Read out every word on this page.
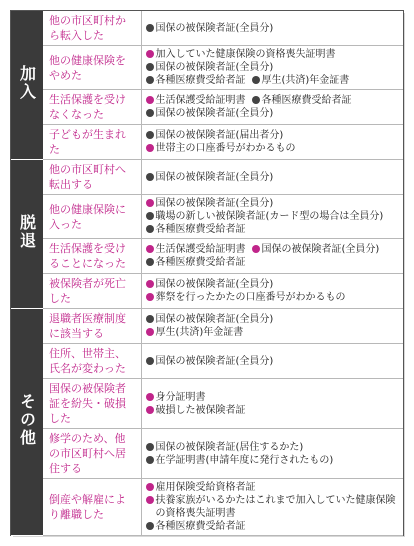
加入	他の市区町村から転入した	国保の被保険者証(全員分)

	他の健康保険をやめた	加入していた健康保険の資格喪失証明書
国保の被保険者証(全員分)
各種医療費受給者証 厚生(共済)年金証書

	生活保護を受けなくなった	生活保護受給証明書 各種医療費受給者証
国保の被保険者証(全員分)

	子どもが生まれた	国保の被保険者証(届出者分)
世帯主の口座番号がわかるもの

脱退	他の市区町村へ転出する	国保の被保険者証(全員分)

	他の健康保険に入った	国保の被保険者証(全員分)
職場の新しい被保険者証(カード型の場合は全員分)
各種医療費受給者証

	生活保護を受けることになった	生活保護受給証明書 国保の被保険者証(全員分)
各種医療費受給者証

	被保険者が死亡した	国保の被保険者証(全員分)
葬祭を行ったかたの口座番号がわかるもの

その他	退職者医療制度に該当する	国保の被保険者証(全員分)
厚生(共済)年金証書

	住所、世帯主、氏名が変わった	国保の被保険者証(全員分)

	国保の被保険者証を紛失・破損した	身分証明書
破損した被保険者証

	修学のため、他の市区町村へ居住する	国保の被保険者証(居住するかた)
在学証明書(申請年度に発行されたもの)

	倒産や解雇により離職した	雇用保険受給資格者証
扶養家族がいるかたはこれまで加入していた健康保険の資格喪失証明書
各種医療費受給者証
